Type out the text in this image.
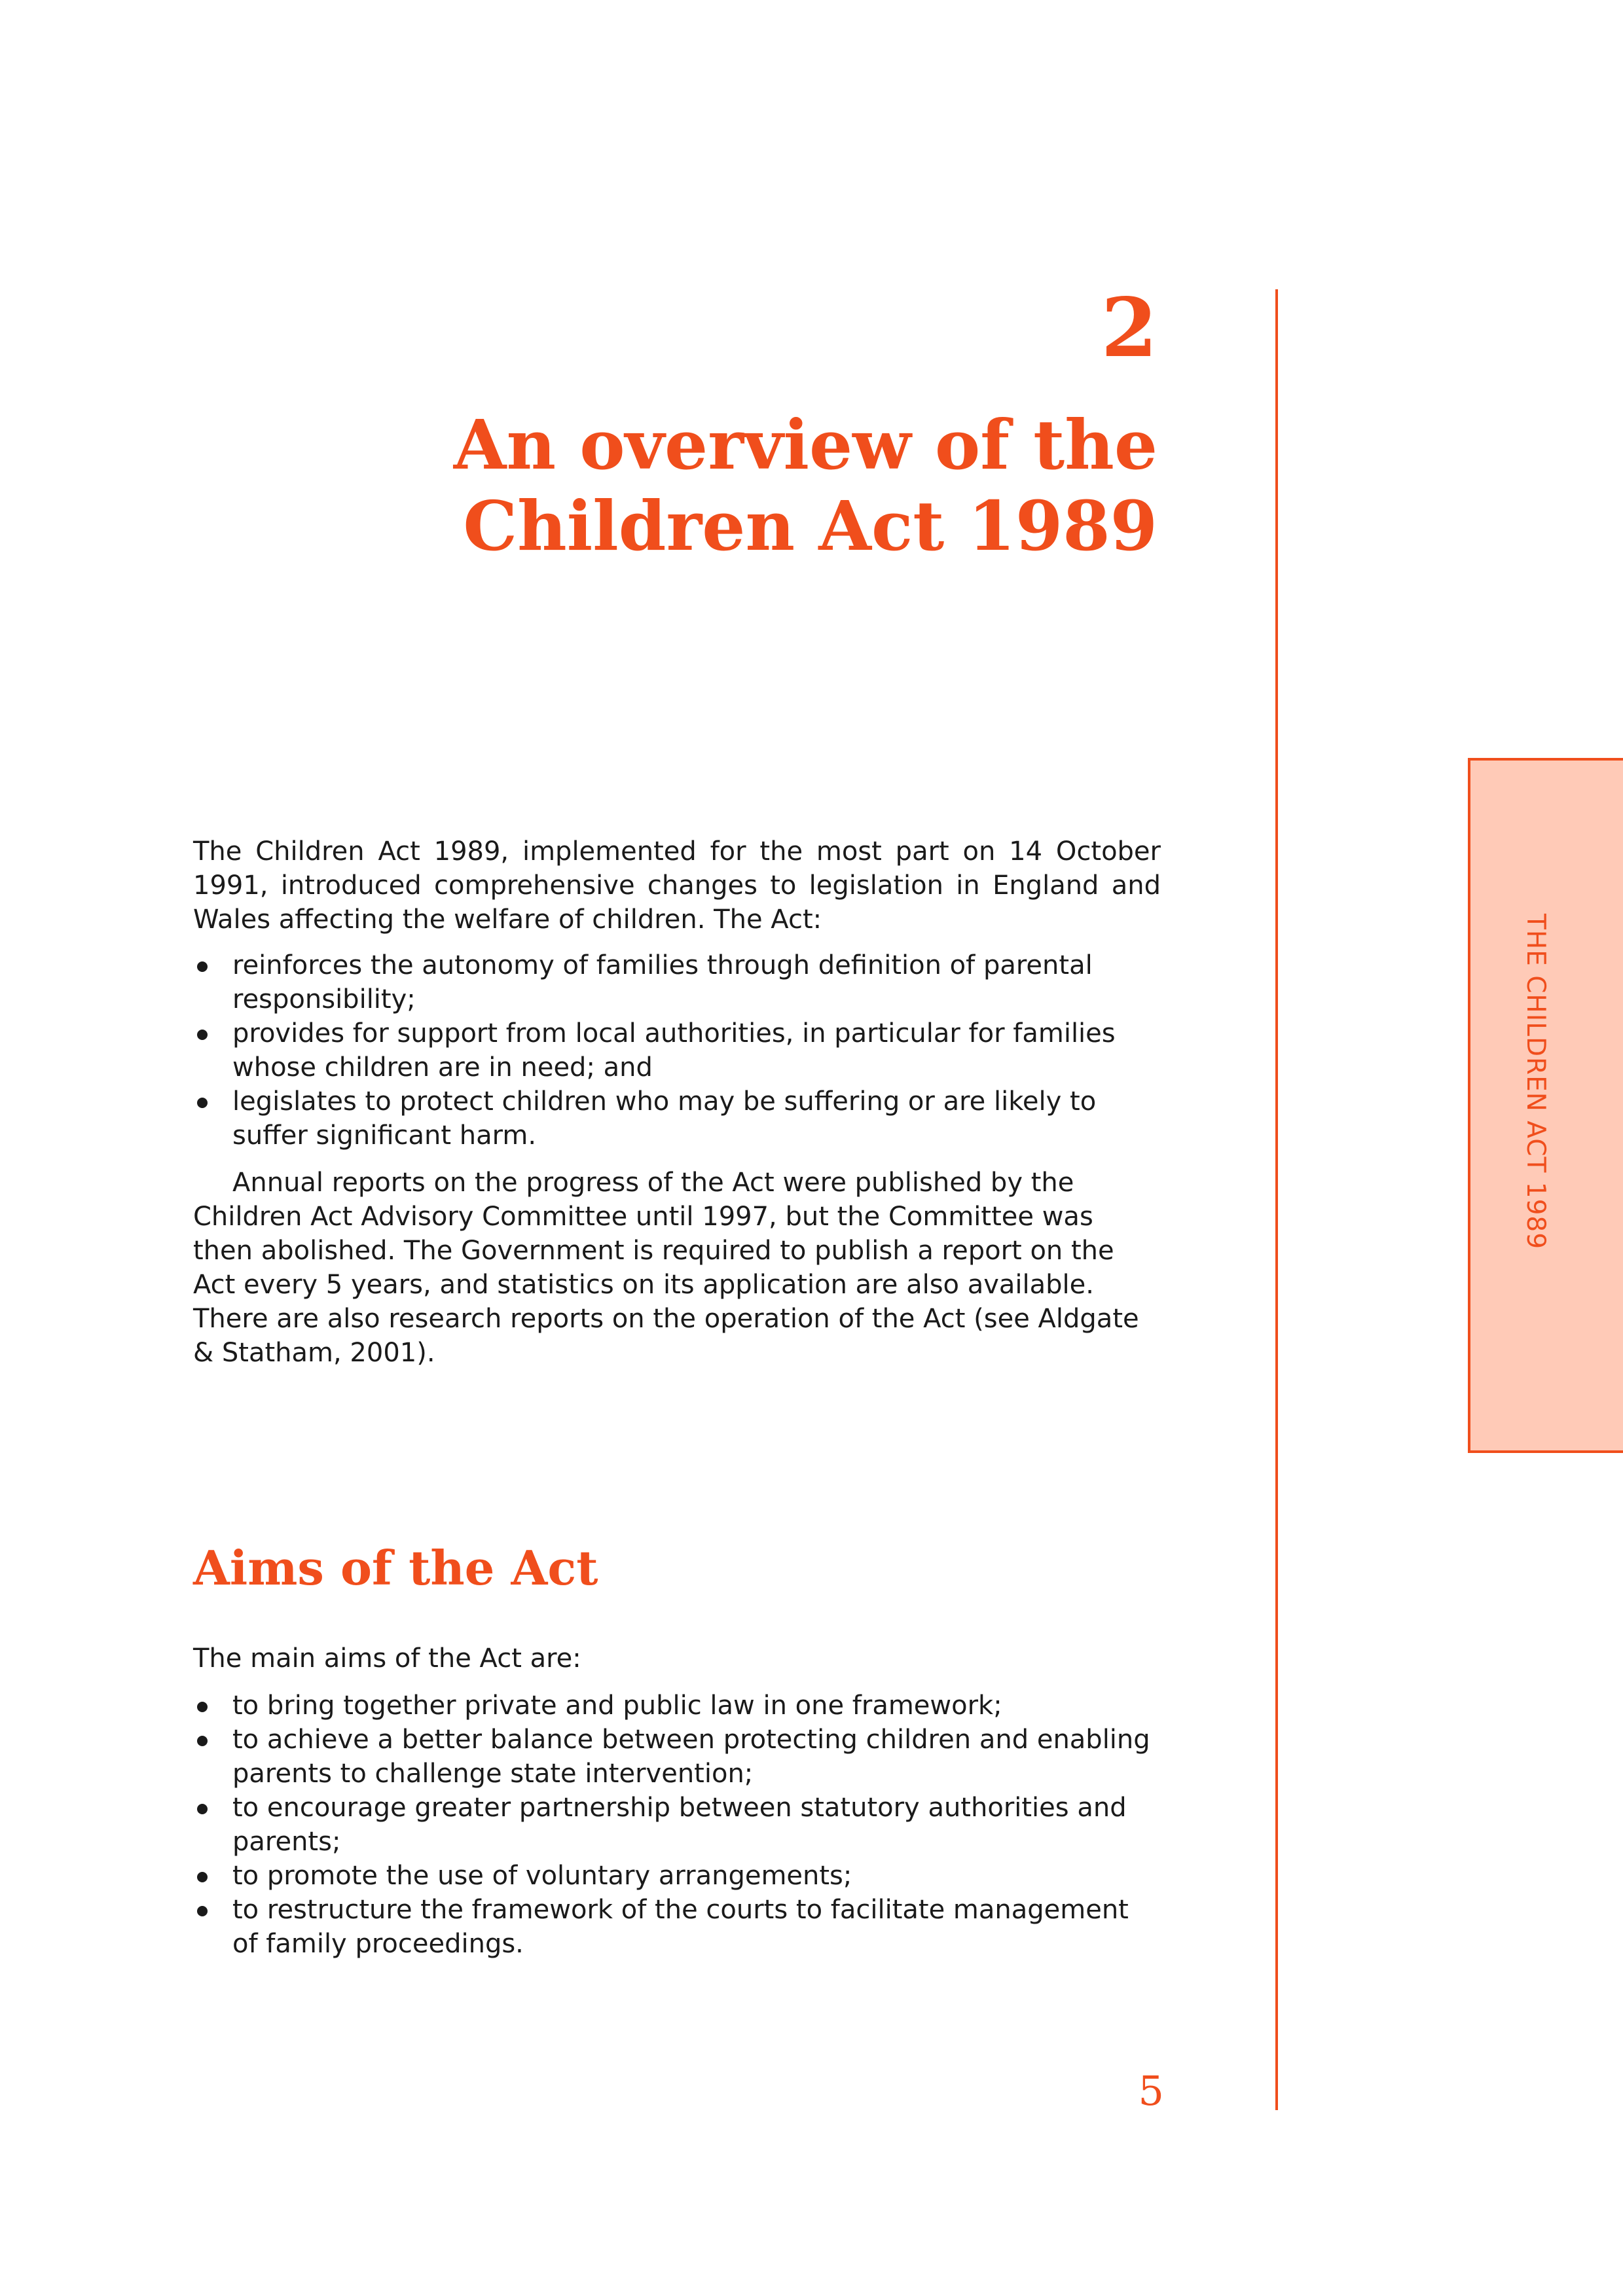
2
An overview of the
Children Act 1989
THE CHILDREN ACT 1989

The Children Act 1989, implemented for the most part on 14 October 1991, introduced comprehensive changes to legislation in England and Wales affecting the welfare of children. The Act:

reinforces the autonomy of families through definition of parental responsibility;
provides for support from local authorities, in particular for families whose children are in need; and
legislates to protect children who may be suffering or are likely to suffer significant harm.

Annual reports on the progress of the Act were published by the Children Act Advisory Committee until 1997, but the Committee was then abolished. The Government is required to publish a report on the Act every 5 years, and statistics on its application are also available. There are also research reports on the operation of the Act (see Aldgate & Statham, 2001).

Aims of the Act

The main aims of the Act are:

to bring together private and public law in one framework;
to achieve a better balance between protecting children and enabling parents to challenge state intervention;
to encourage greater partnership between statutory authorities and parents;
to promote the use of voluntary arrangements;
to restructure the framework of the courts to facilitate management of family proceedings.
5
